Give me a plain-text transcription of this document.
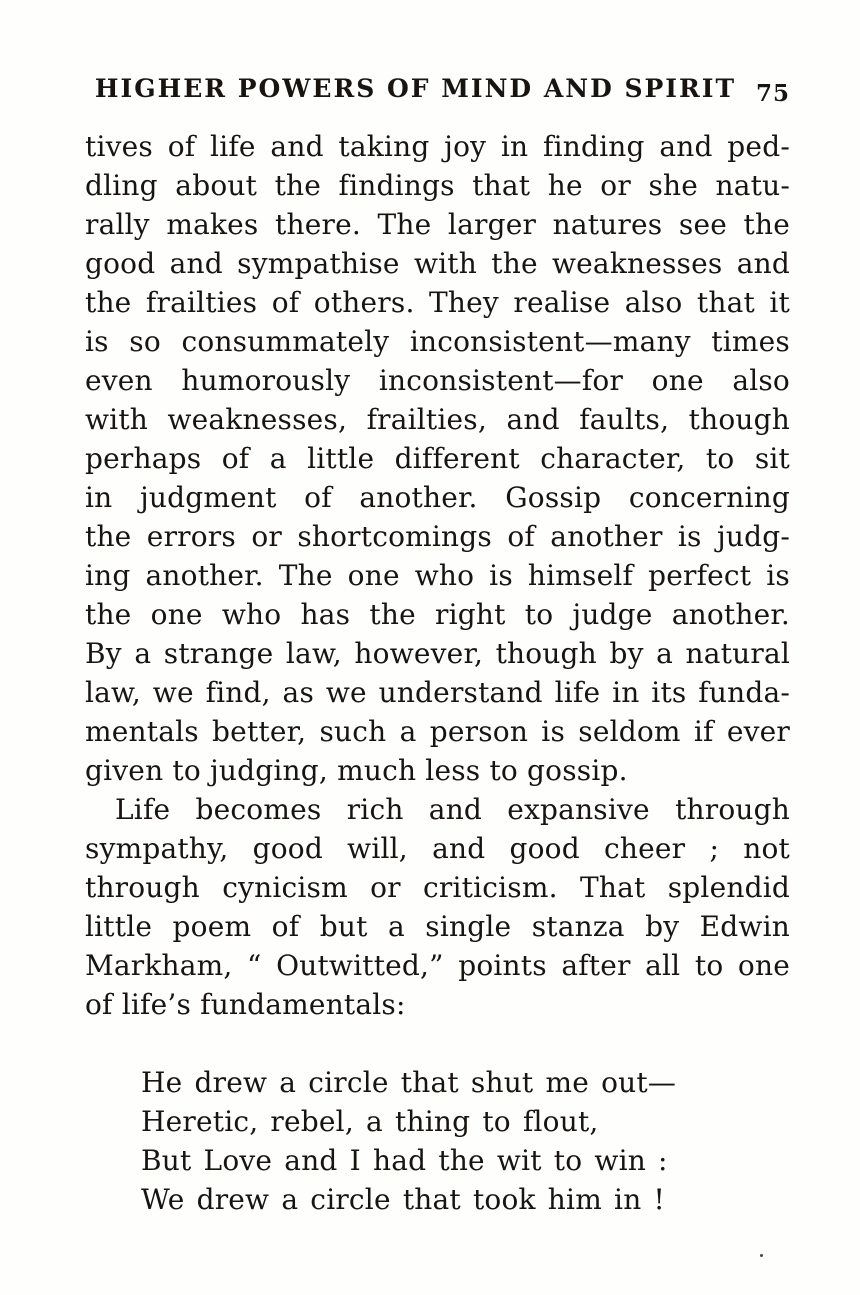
HIGHER POWERS OF MIND AND SPIRIT 75
tives of life and taking joy in finding and ped-
dling about the findings that he or she natu-
rally makes there. The larger natures see the
good and sympathise with the weaknesses and
the frailties of others. They realise also that it
is so consummately inconsistent—many times
even humorously inconsistent—for one also
with weaknesses, frailties, and faults, though
perhaps of a little different character, to sit
in judgment of another. Gossip concerning
the errors or shortcomings of another is judg-
ing another. The one who is himself perfect is
the one who has the right to judge another.
By a strange law, however, though by a natural
law, we find, as we understand life in its funda-
mentals better, such a person is seldom if ever
given to judging, much less to gossip.
Life becomes rich and expansive through
sympathy, good will, and good cheer ; not
through cynicism or criticism. That splendid
little poem of but a single stanza by Edwin
Markham, “ Outwitted,” points after all to one
of life’s fundamentals:
He drew a circle that shut me out—
Heretic, rebel, a thing to flout,
But Love and I had the wit to win :
We drew a circle that took him in !
